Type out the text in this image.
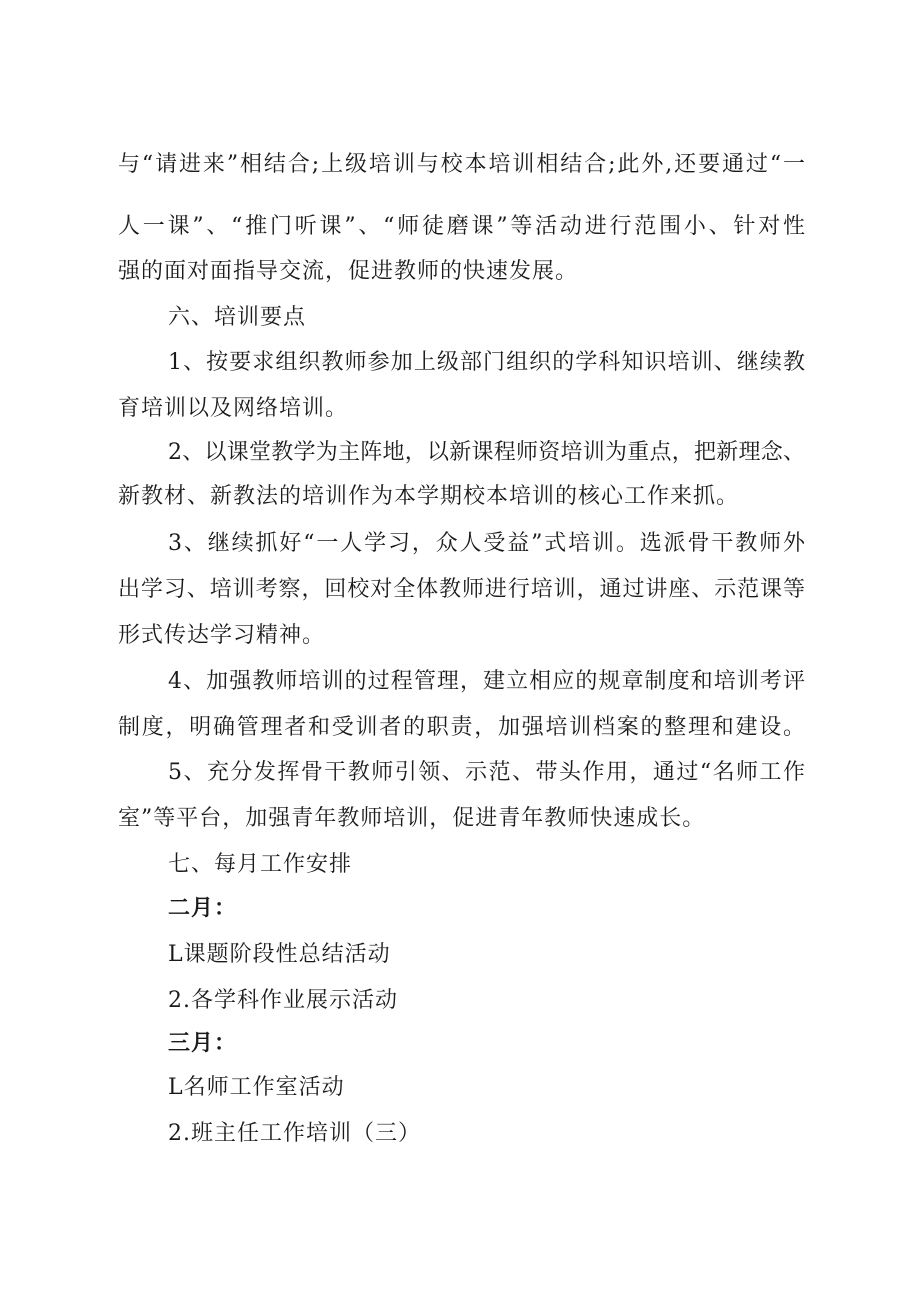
与“请进来”相结合;上级培训与校本培训相结合;此外,还要通过“一
人一课”、“推门听课”、“师徒磨课”等活动进行范围小、针对性
强的面对面指导交流，促进教师的快速发展。
六、培训要点
1、按要求组织教师参加上级部门组织的学科知识培训、继续教
育培训以及网络培训。
2、以课堂教学为主阵地，以新课程师资培训为重点，把新理念、
新教材、新教法的培训作为本学期校本培训的核心工作来抓。
3、继续抓好“一人学习，众人受益”式培训。选派骨干教师外
出学习、培训考察，回校对全体教师进行培训，通过讲座、示范课等
形式传达学习精神。
4、加强教师培训的过程管理，建立相应的规章制度和培训考评
制度，明确管理者和受训者的职责，加强培训档案的整理和建设。
5、充分发挥骨干教师引领、示范、带头作用，通过“名师工作
室”等平台，加强青年教师培训，促进青年教师快速成长。
七、每月工作安排
二月：
L课题阶段性总结活动
2.各学科作业展示活动
三月：
L名师工作室活动
2.班主任工作培训（三）
